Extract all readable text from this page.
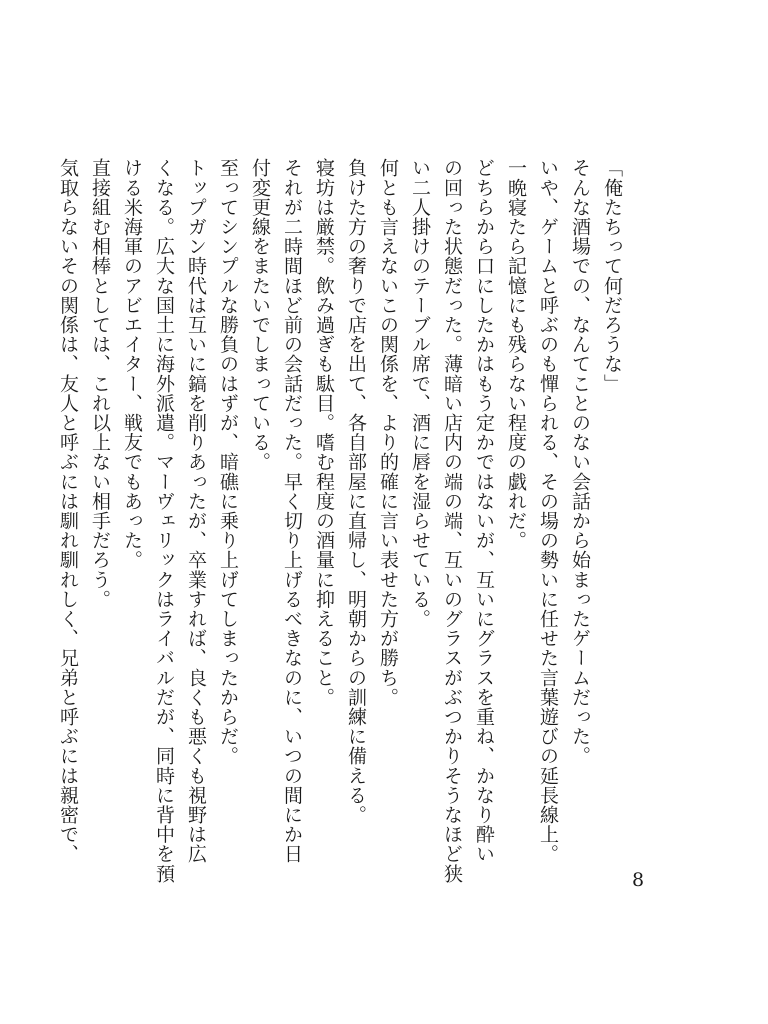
「俺たちって何だろうな」
そんな酒場での、なんてことのない会話から始まったゲームだった。
いや、ゲームと呼ぶのも憚られる、その場の勢いに任せた言葉遊びの延長線上。
一晩寝たら記憶にも残らない程度の戯れだ。
どちらから口にしたかはもう定かではないが、互いにグラスを重ね、かなり酔い
の回った状態だった。薄暗い店内の端の端、互いのグラスがぶつかりそうなほど狭
い二人掛けのテーブル席で、酒に唇を湿らせている。
何とも言えないこの関係を、より的確に言い表せた方が勝ち。
負けた方の奢りで店を出て、各自部屋に直帰し、明朝からの訓練に備える。
寝坊は厳禁。飲み過ぎも駄目。嗜む程度の酒量に抑えること。
それが二時間ほど前の会話だった。早く切り上げるべきなのに、いつの間にか日
付変更線をまたいでしまっている。
至ってシンプルな勝負のはずが、暗礁に乗り上げてしまったからだ。
トップガン時代は互いに鎬を削りあったが、卒業すれば、良くも悪くも視野は広
くなる。広大な国土に海外派遣。マーヴェリックはライバルだが、同時に背中を預
ける米海軍のアビエイター、戦友でもあった。
直接組む相棒としては、これ以上ない相手だろう。
気取らないその関係は、友人と呼ぶには馴れ馴れしく、兄弟と呼ぶには親密で、
8
